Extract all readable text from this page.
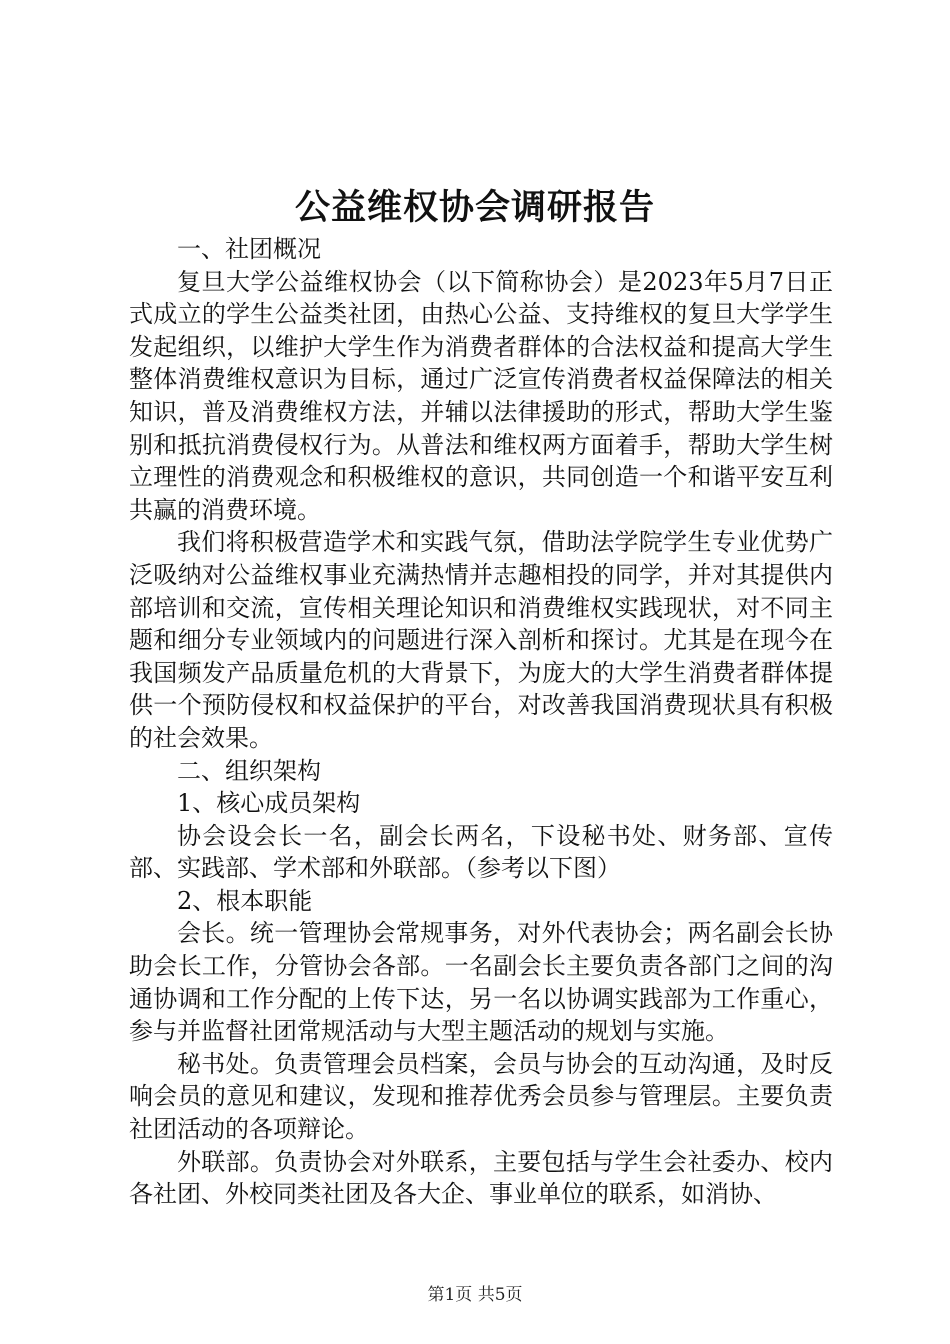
公益维权协会调研报告

一、社团概况

复旦大学公益维权协会（以下简称协会）是2023年5月7日正式成立的学生公益类社团，由热心公益、支持维权的复旦大学学生发起组织，以维护大学生作为消费者群体的合法权益和提高大学生整体消费维权意识为目标，通过广泛宣传消费者权益保障法的相关知识，普及消费维权方法，并辅以法律援助的形式，帮助大学生鉴别和抵抗消费侵权行为。从普法和维权两方面着手，帮助大学生树立理性的消费观念和积极维权的意识，共同创造一个和谐平安互利共赢的消费环境。

我们将积极营造学术和实践气氛，借助法学院学生专业优势广泛吸纳对公益维权事业充满热情并志趣相投的同学，并对其提供内部培训和交流，宣传相关理论知识和消费维权实践现状，对不同主题和细分专业领域内的问题进行深入剖析和探讨。尤其是在现今在我国频发产品质量危机的大背景下，为庞大的大学生消费者群体提供一个预防侵权和权益保护的平台，对改善我国消费现状具有积极的社会效果。

二、组织架构

1、核心成员架构

协会设会长一名，副会长两名，下设秘书处、财务部、宣传部、实践部、学术部和外联部。（参考以下图）

2、根本职能

会长。统一管理协会常规事务，对外代表协会；两名副会长协助会长工作，分管协会各部。一名副会长主要负责各部门之间的沟通协调和工作分配的上传下达，另一名以协调实践部为工作重心，参与并监督社团常规活动与大型主题活动的规划与实施。

秘书处。负责管理会员档案，会员与协会的互动沟通，及时反响会员的意见和建议，发现和推荐优秀会员参与管理层。主要负责社团活动的各项辩论。

外联部。负责协会对外联系，主要包括与学生会社委办、校内各社团、外校同类社团及各大企、事业单位的联系，如消协、

第1页 共5页
